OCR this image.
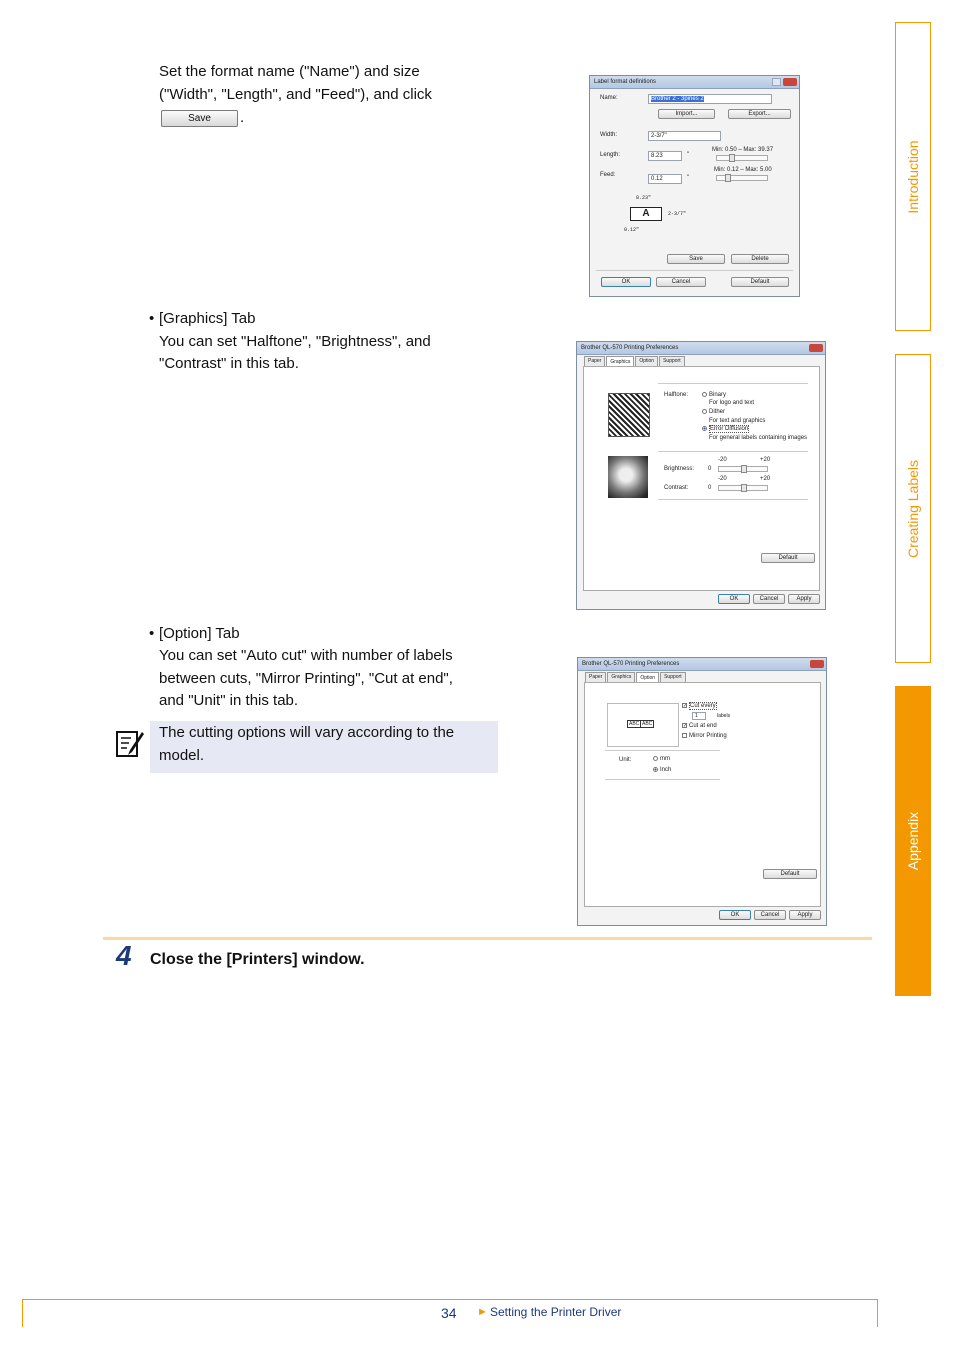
Set the format name ("Name") and size
("Width", "Length", and "Feed"), and click
Save	.
• [Graphics] Tab
You can set "Halftone", "Brightness", and
"Contrast" in this tab.
• [Option] Tab
You can set "Auto cut" with number of labels
between cuts, "Mirror Printing", "Cut at end",
and "Unit" in this tab.
The cutting options will vary according to the
model.
4 Close the [Printers] window.
Introduction
Creating Labels
Appendix
34 ► Setting the Printer Driver
Label format definitions
Name:	Brother 2 - 3pines 2
Import...	Export...
Width:	2-3/7"
Length:	8.23	"
Min: 0.50 – Max: 39.37
Feed:
0.12	"
Min: 0.12 – Max: 5.00
8.23"
A	2-3/7"
0.12"
Save	Delete
OK	Cancel	Default
Brother QL-570 Printing Preferences
Paper	Graphics	Option	Support
Halftone:	Binary
For logo and text
Dither
For text and graphics
Error Diffusion
For general labels containing images
-20	+20
Brightness: 0
-20	+20
Contrast:	0
Default
OK	Cancel	Apply
Brother QL-570 Printing Preferences
Paper	Graphics	Option	Support
ABC ABC
✓ Cut every
1	labels
✓ Cut at end
Mirror Printing
Unit:	mm
Inch
Default
OK	Cancel	Apply
